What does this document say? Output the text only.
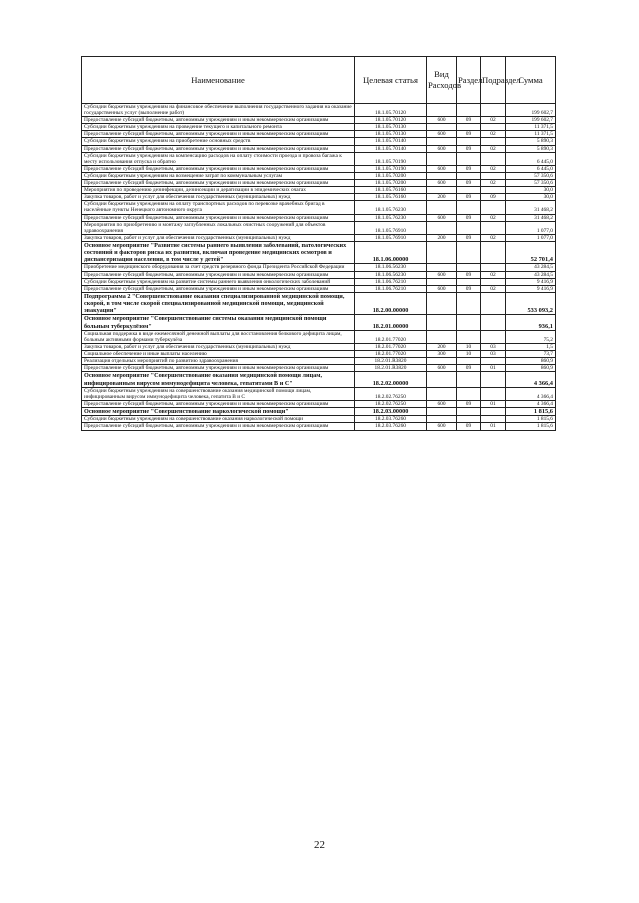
Наименование	Целевая статья	Вид Расходов	Раздел	Подраздел	Сумма
Субсидии бюджетным учреждениям на финансовое обеспечение выполнения государственного задания на оказание государственных услуг (выполнение работ)	18.1.05.70120				199 602,7
Предоставление субсидий бюджетным, автономным учреждениям и иным некоммерческим организациям	18.1.05.70120	600	09	02	199 602,7
Субсидии бюджетным учреждениям на проведение текущего и капитального ремонта	18.1.05.70130				11 371,5
Предоставление субсидий бюджетным, автономным учреждениям и иным некоммерческим организациям	18.1.05.70130	600	09	02	11 371,5
Субсидии бюджетным учреждениям на приобретение основных средств	18.1.05.70140				5 890,3
Предоставление субсидий бюджетным, автономным учреждениям и иным некоммерческим организациям	18.1.05.70140	600	09	02	5 890,3
Субсидии бюджетным учреждениям на компенсацию расходов на оплату стоимости проезда и провоза багажа к месту использования отпуска и обратно	18.1.05.70190				6 445,0
Предоставление субсидий бюджетным, автономным учреждениям и иным некоммерческим организациям	18.1.05.70190	600	09	02	6 445,0
Субсидии бюджетным учреждениям на возмещение затрат по коммунальным услугам	18.1.05.70200				57 350,6
Предоставление субсидий бюджетным, автономным учреждениям и иным некоммерческим организациям	18.1.05.70200	600	09	02	57 350,6
Мероприятия по проведению дезинфекции, дезинсекции и дератизации в эпидемических очагах	18.1.05.76160				30,0
Закупка товаров, работ и услуг для обеспечения государственных (муниципальных) нужд	18.1.05.76160	200	09	09	30,0
Субсидии бюджетным учреждениям на оплату транспортных расходов по перевозке врачебных бригад в населённые пункты Ненецкого автономного округа	18.1.05.76230				31 468,2
Предоставление субсидий бюджетным, автономным учреждениям и иным некоммерческим организациям	18.1.05.76230	600	09	02	31 468,2
Мероприятия по приобретению и монтажу заглубленных локальных очистных сооружений для объектов здравоохранения	18.1.05.76910				1 077,0
Закупка товаров, работ и услуг для обеспечения государственных (муниципальных) нужд	18.1.05.76910	200	09	02	1 077,0
Основное мероприятие "Развитие системы раннего выявления заболеваний, патологических состояний и факторов риска их развития, включая проведение медицинских осмотров и диспансеризации населения, в том числе у детей"	18.1.06.00000				52 701,4
Приобретение медицинского оборудования за счет средств резервного фонда Президента Российской Федерации	18.1.06.56230				43 284,5
Предоставление субсидий бюджетным, автономным учреждениям и иным некоммерческим организациям	18.1.06.56230	600	09	02	43 284,5
Субсидии бюджетным учреждениям на развитие системы раннего выявления онкологических заболеваний	18.1.06.76210				9 416,9
Предоставление субсидий бюджетным, автономным учреждениям и иным некоммерческим организациям	18.1.06.76210	600	09	02	9 416,9
Подпрограмма 2 "Совершенствование оказания специализированной медицинской помощи, скорой, в том числе скорой специализированной медицинской помощи, медицинской эвакуации"	18.2.00.00000				533 093,2
Основное мероприятие "Совершенствование системы оказания медицинской помощи больным туберкулёзом"	18.2.01.00000				936,1
Социальная поддержка в виде ежемесячной денежной выплаты для восстановления белкового дефицита лицам, больным активными формами туберкулёза	18.2.01.77020				75,2
Закупка товаров, работ и услуг для обеспечения государственных (муниципальных) нужд	18.2.01.77020	200	10	03	1,5
Социальное обеспечение и иные выплаты населению	18.2.01.77020	300	10	03	73,7
Реализация отдельных мероприятий по развитию здравоохранения	18.2.01.R3820				860,9
Предоставление субсидий бюджетным, автономным учреждениям и иным некоммерческим организациям	18.2.01.R3820	600	09	01	860,9
Основное мероприятие "Совершенствование оказания медицинской помощи лицам, инфицированным вирусом иммунодефицита человека, гепатитами В и С"	18.2.02.00000				4 366,4
Субсидии бюджетным учреждениям на совершенствование оказания медицинской помощи лицам, инфицированным вирусом иммунодефицита человека, гепатита В и С	18.2.02.76250				4 366,4
Предоставление субсидий бюджетным, автономным учреждениям и иным некоммерческим организациям	18.2.02.76250	600	09	01	4 366,4
Основное мероприятие "Совершенствование наркологической помощи"	18.2.03.00000				1 815,6
Субсидии бюджетным учреждениям на совершенствование оказания наркологической помощи	18.2.03.76260				1 815,6
Предоставление субсидий бюджетным, автономным учреждениям и иным некоммерческим организациям	18.2.03.76260	600	09	01	1 815,6
22
